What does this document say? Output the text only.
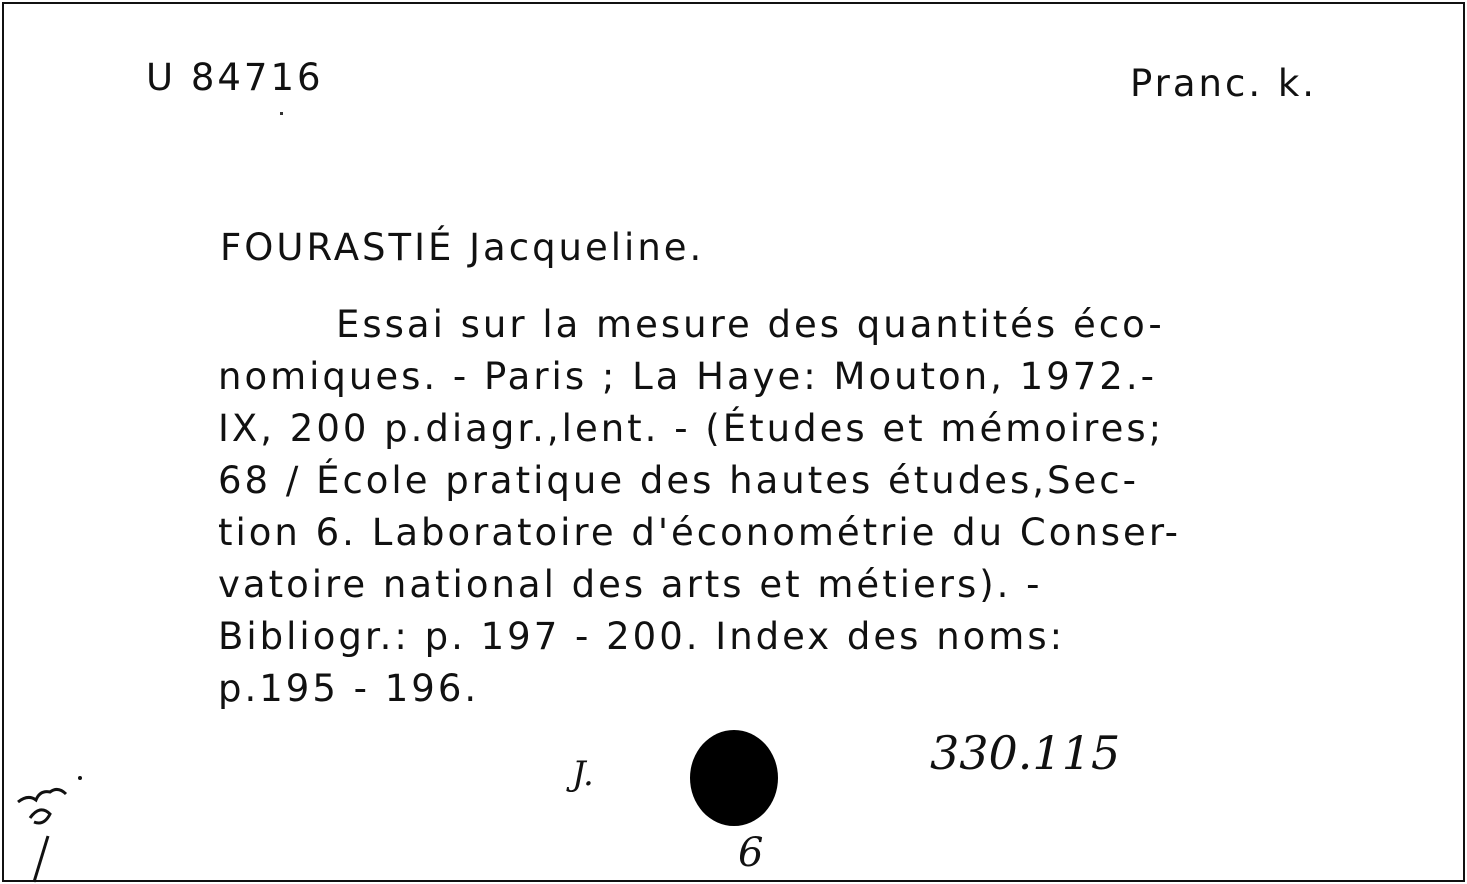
U 84716	Pranc. k.
FOURASTIÉ Jacqueline.
Essai sur la mesure des quantités éco-
nomiques. - Paris ; La Haye: Mouton, 1972.-
IX, 200 p.diagr.,lent. - (Études et mémoires;
68 / École pratique des hautes études,Sec-
tion 6. Laboratoire d'économétrie du Conser-
vatoire national des arts et métiers). -
Bibliogr.: p. 197 - 200. Index des noms:
p.195 - 196.
J.	330.115
6
